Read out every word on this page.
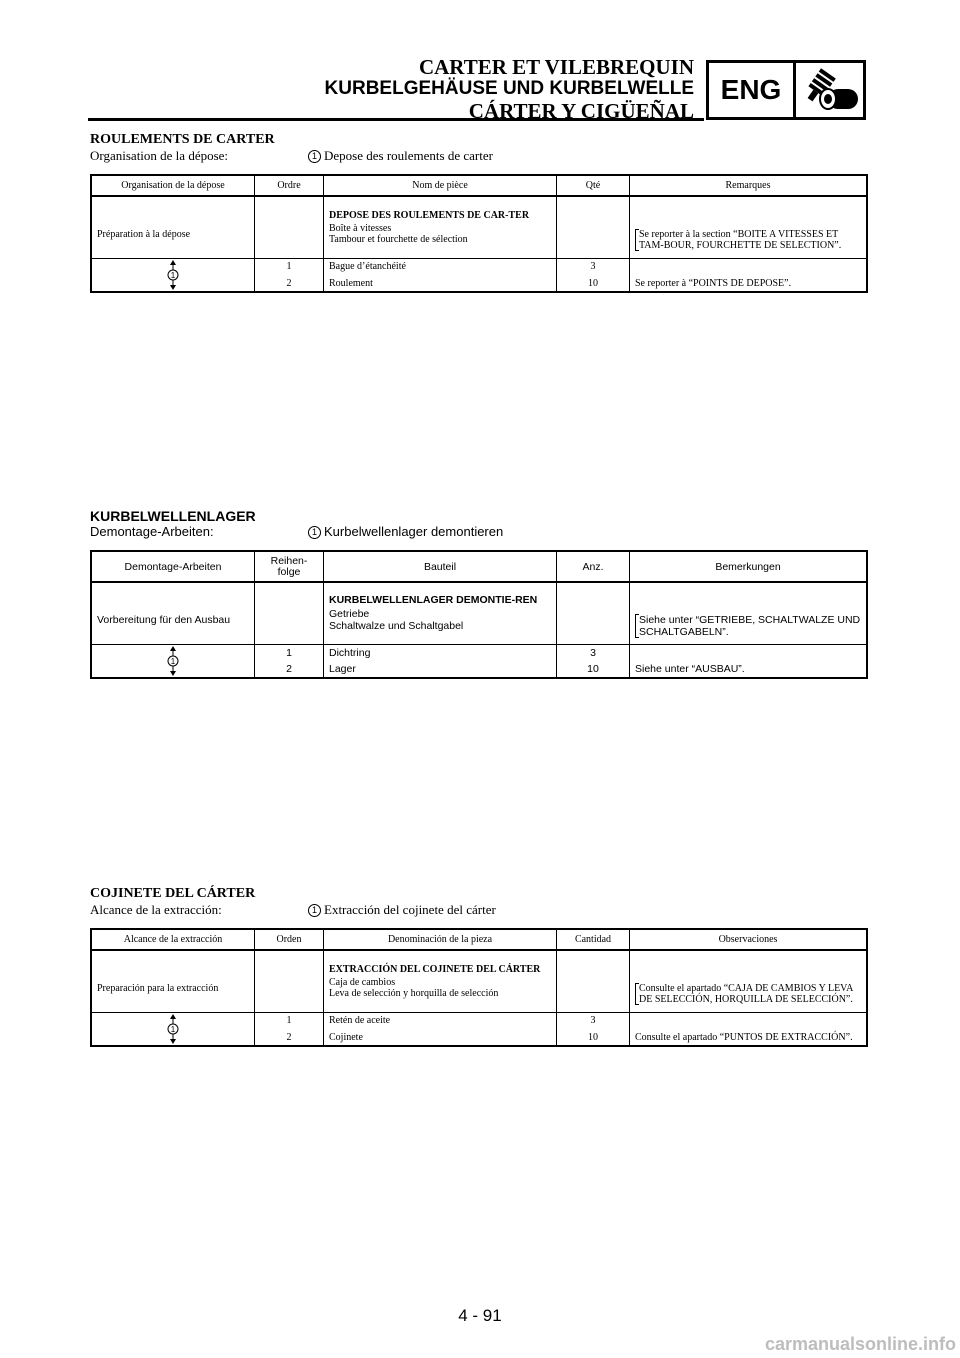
CARTER ET VILEBREQUIN
KURBELGEHÄUSE UND KURBELWELLE
CÁRTER Y CIGÜEÑAL
ENG
ROULEMENTS DE CARTER
Organisation de la dépose:	1 Depose des roulements de carter
Organisation de la dépose	Ordre	Nom de pièce	Qté	Remarques
Préparation à la dépose		DEPOSE DES ROULEMENTS DE CAR-TER
Boîte à vitesses
Tambour et fourchette de sélection		Se reporter à la section “BOITE A VITESSES ET TAM-BOUR, FOURCHETTE DE SELECTION”.

1	1	Bague d’étanchéité	3	
	2	Roulement	10	Se reporter à “POINTS DE DEPOSE”.
KURBELWELLENLAGER
Demontage-Arbeiten:	1 Kurbelwellenlager demontieren
Demontage-Arbeiten	Reihen-folge	Bauteil	Anz.	Bemerkungen
Vorbereitung für den Ausbau		KURBELWELLENLAGER DEMONTIE-REN
Getriebe
Schaltwalze und Schaltgabel		Siehe unter “GETRIEBE, SCHALTWALZE UND SCHALTGABELN”.

1	1	Dichtring	3	
	2	Lager	10	Siehe unter “AUSBAU”.
COJINETE DEL CÁRTER
Alcance de la extracción:	1 Extracción del cojinete del cárter
Alcance de la extracción	Orden	Denominación de la pieza	Cantidad	Observaciones
Preparación para la extracción		EXTRACCIÓN DEL COJINETE DEL CÁRTER
Caja de cambios
Leva de selección y horquilla de selección		Consulte el apartado “CAJA DE CAMBIOS Y LEVA DE SELECCIÓN, HORQUILLA DE SELECCIÓN”.

1	1	Retén de aceite	3	
	2	Cojinete	10	Consulte el apartado “PUNTOS DE EXTRACCIÓN”.
4 - 91
carmanualsonline.info
